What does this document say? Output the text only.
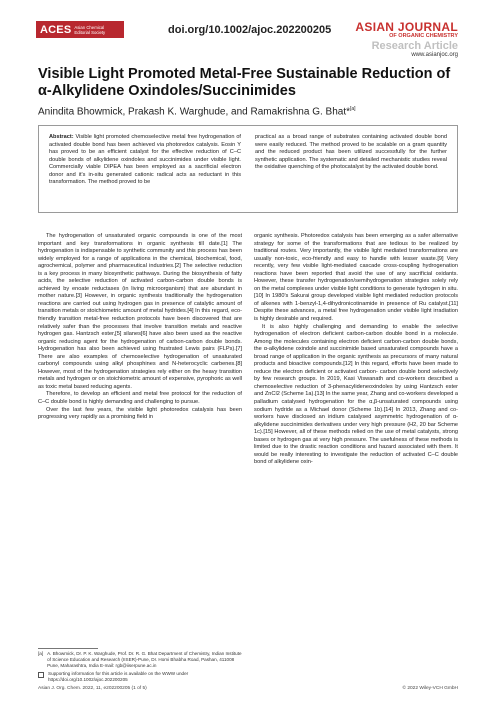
ACES Asian Chemical Editorial Society	doi.org/10.1002/ajoc.202200205 ASIAN JOURNAL
OF ORGANIC CHEMISTRY
Research Article
www.asianjoc.org
Visible Light Promoted Metal-Free Sustainable Reduction of α-Alkylidene Oxindoles/Succinimides
Anindita Bhowmick, Prakash K. Warghude, and Ramakrishna G. Bhat*[a]
Abstract: Visible light promoted chemoselective metal free hydrogenation of activated double bond has been achieved via photoredox catalysis. Eosin Y has proved to be an efficient catalyst for the effective reduction of C–C double bonds of alkylidene oxindoles and succinimides under visible light. Commercially viable DIPEA has been employed as a sacrificial electron donor and it's in-situ generated cationic radical acts as reductant in this transformation. The method proved to be
practical as a broad range of substrates containing activated double bond were easily reduced. The method proved to be scalable on a gram quantity and the reduced product has been utilized successfully for the further synthetic application. The systematic and detailed mechanistic studies reveal the oxidative quenching of the photocatalyst by the activated double bond.

The hydrogenation of unsaturated organic compounds is one of the most important and key transformations in organic synthesis till date.[1] The hydrogenation is indispensable to synthetic community and this process has been widely employed for a range of applications in the chemical, biochemical, food, agrochemical, polymer and pharmaceutical industries.[2] The selective reduction is a key process in many biosynthetic pathways. During the biosynthesis of fatty acids, the selective reduction of activated carbon-carbon double bonds is achieved by enoate reductases (in living microorganism) that are abundant in mother nature.[3] However, in organic synthesis traditionally the hydrogenation reactions are carried out using hydrogen gas in presence of catalytic amount of transition metals or stoichiometric amount of metal hydrides.[4] In this regard, eco-friendly transition metal-free reduction protocols have been discovered that are relatively safer than the processes that involve transition metals and reactive hydrogen gas. Hantzsch ester,[5] silanes[6] have also been used as the reactive organic reducing agent for the hydrogenation of carbon-carbon double bonds. Hydrogenation has also been achieved using frustrated Lewis pairs (FLPs).[7] There are also examples of chemoselective hydrogenation of unsaturated carbonyl compounds using alkyl phosphines and N-heterocyclic carbenes.[8] However, most of the hydrogenation strategies rely either on the heavy transition metals and hydrogen or on stoichiometric amount of expensive, pyrophoric as well as toxic metal based reducing agents.

Therefore, to develop an efficient and metal free protocol for the reduction of C–C double bond is highly demanding and challenging to pursue.

Over the last few years, the visible light photoredox catalysis has been progressing very rapidly as a promising field in

organic synthesis. Photoredox catalysis has been emerging as a safer alternative strategy for some of the transformations that are tedious to be realized by traditional routes. Very importantly, the visible light mediated transformations are usually non-toxic, eco-friendly and easy to handle with lesser waste.[9] Very recently, very few visible light-mediated cascade cross-coupling hydrogenation reactions have been reported that avoid the use of any sacrificial oxidants. However, these transfer hydrogenation/semihydrogenation strategies solely rely on the metal complexes under visible light conditions to generate hydrogen in situ.[10] In 1980's Sakurai group developed visible light mediated reduction protocols of alkenes with 1-benzyl-1,4-dihydronicotinamide in presence of Ru catalyst.[11] Despite these advances, a metal free hydrogenation under visible light irradiation is highly desirable and required.

It is also highly challenging and demanding to enable the selective hydrogenation of electron deficient carbon-carbon double bond in a molecule. Among the molecules containing electron deficient carbon-carbon double bonds, the α-alkylidene oxindole and succinimide based unsaturated compounds have a broad range of application in the organic synthesis as precursors of many natural products and bioactive compounds.[12] In this regard, efforts have been made to reduce the electron deficient or activated carbon- carbon double bond selectively by few research groups. In 2019, Kasi Viswanath and co-workers described a chemoselective reduction of 3-phenacylideneoxindoles by using Hantzsch ester and ZnCl2 (Scheme 1a).[13] In the same year, Zhang and co-workers developed a palladium catalysed hydrogenation for the α,β-unsaturated compounds using sodium hydride as a Michael donor (Scheme 1b).[14] In 2013, Zhang and co-workers have disclosed an iridium catalysed asymmetric hydrogenation of α-alkylidene succinimides derivatives under very high pressure (H2, 20 bar Scheme 1c).[15] However, all of these methods relied on the use of metal catalysts, strong bases or hydrogen gas at very high pressure. The usefulness of these methods is limited due to the drastic reaction conditions and hazard associated with them. It would be really interesting to investigate the reduction of activated C–C double bond of alkylidene oxin-

[a] A. Bhowmick, Dr. P. K. Warghude, Prof. Dr. R. G. Bhat Department of Chemistry, Indian Institute of Science Education and Research (IISER)-Pune, Dr. Homi Bhabha Road, Pashan, 411008 Pune, Maharashtra, India E-mail: rgb@iiserpune.ac.in
Supporting information for this article is available on the WWW under https://doi.org/10.1002/ajoc.202200205
Asian J. Org. Chem. 2022, 11, e202200205 (1 of 5)	© 2022 Wiley-VCH GmbH
